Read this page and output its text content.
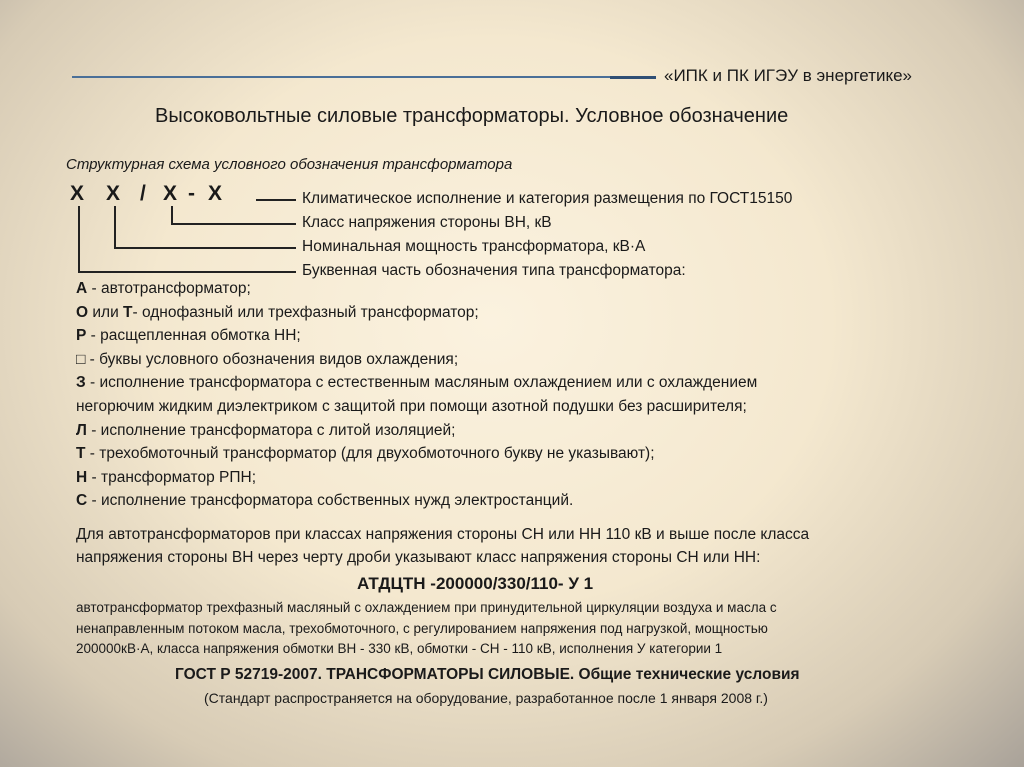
«ИПК и ПК ИГЭУ в энергетике»
Высоковольтные силовые трансформаторы. Условное обозначение
Структурная схема условного обозначения трансформатора
Х Х / Х - Х	Климатическое исполнение и категория размещения по ГОСТ15150
Класс напряжения стороны ВН, кВ
Номинальная мощность трансформатора, кВ·А
Буквенная часть обозначения типа трансформатора:
А - автотрансформатор;
О или Т- однофазный или трехфазный трансформатор;
Р - расщепленная обмотка НН;
□ - буквы условного обозначения видов охлаждения;
З - исполнение трансформатора с естественным масляным охлаждением или с охлаждением
негорючим жидким диэлектриком с защитой при помощи азотной подушки без расширителя;
Л - исполнение трансформатора с литой изоляцией;
Т - трехобмоточный трансформатор (для двухобмоточного букву не указывают);
Н - трансформатор РПН;
С - исполнение трансформатора собственных нужд электростанций.
Для автотрансформаторов при классах напряжения стороны СН или НН 110 кВ и выше после класса
напряжения стороны ВН через черту дроби указывают класс напряжения стороны СН или НН:
АТДЦТН -200000/330/110- У 1
автотрансформатор трехфазный масляный с охлаждением при принудительной циркуляции воздуха и масла с
ненаправленным потоком масла, трехобмоточного, с регулированием напряжения под нагрузкой, мощностью
200000кВ·А, класса напряжения обмотки ВН - 330 кВ, обмотки - СН - 110 кВ, исполнения У категории 1
ГОСТ Р 52719-2007. ТРАНСФОРМАТОРЫ СИЛОВЫЕ. Общие технические условия
(Стандарт распространяется на оборудование, разработанное после 1 января 2008 г.)
